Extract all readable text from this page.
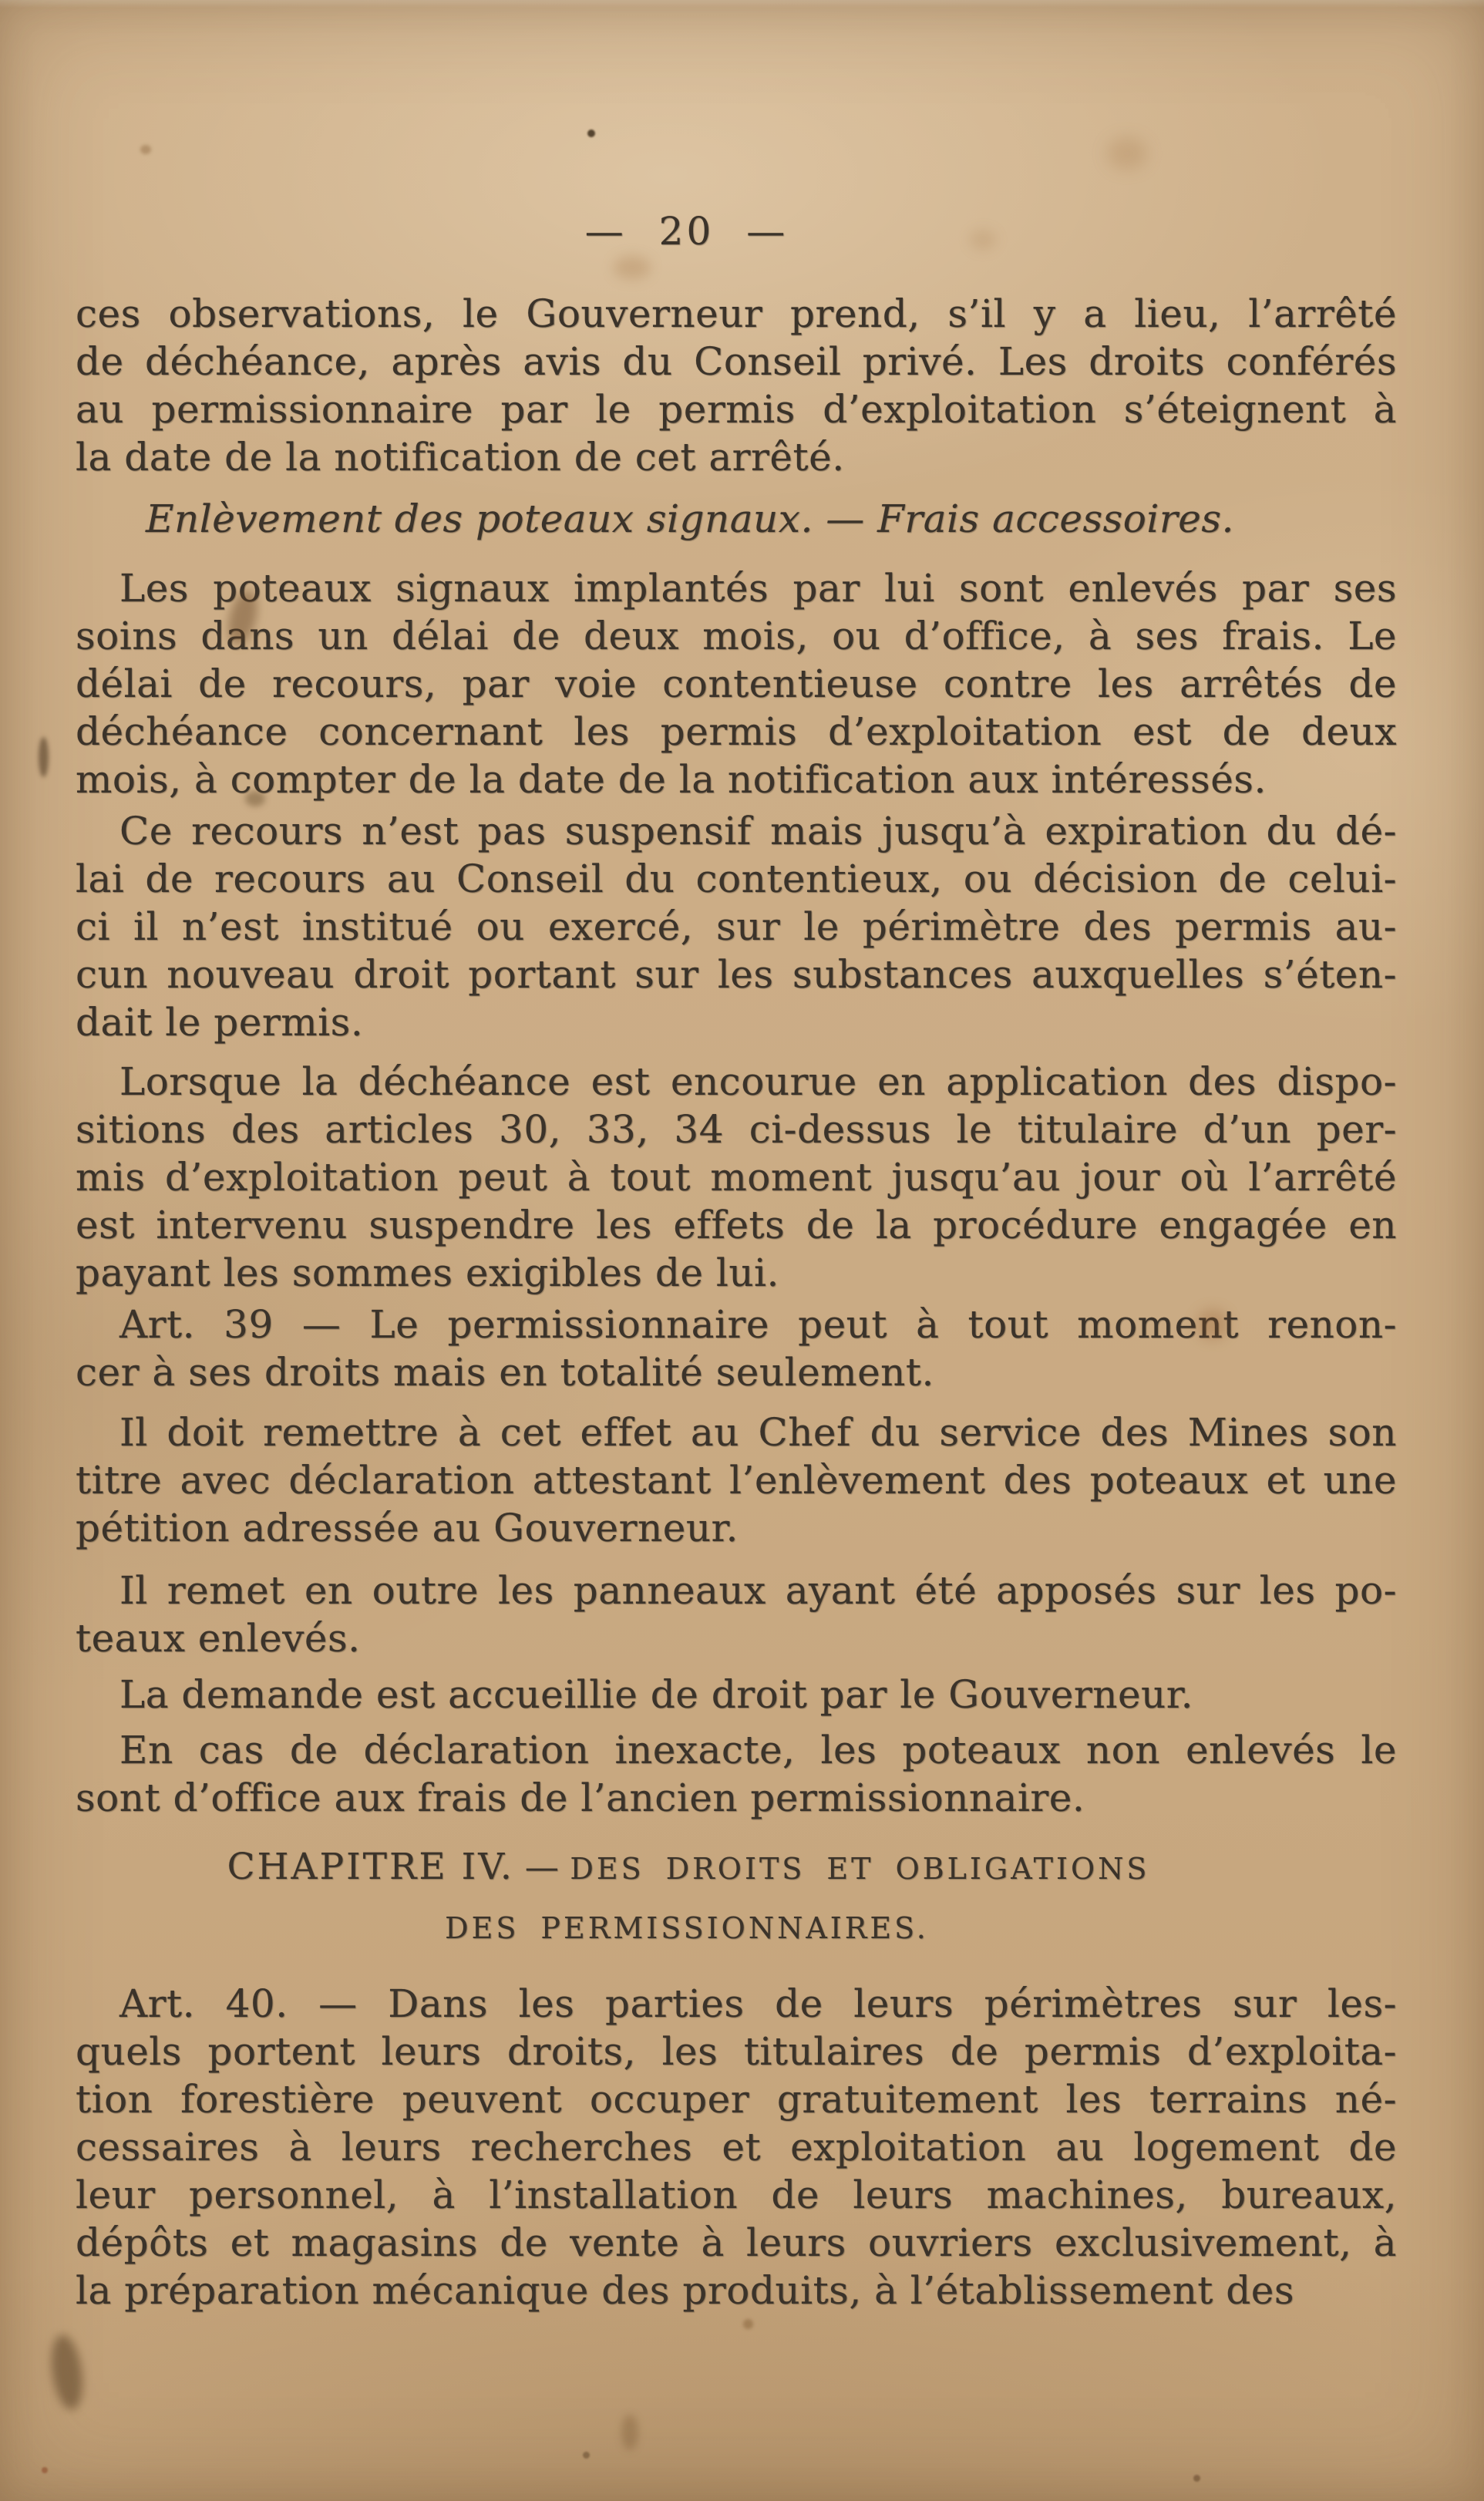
— 20 —
ces observations, le Gouverneur prend, s’il y a lieu, l’arrêté
de déchéance, après avis du Conseil privé. Les droits conférés
au permissionnaire par le permis d’exploitation s’éteignent à
la date de la notification de cet arrêté.
Enlèvement des poteaux signaux. — Frais accessoires.
Les poteaux signaux implantés par lui sont enlevés par ses
soins dans un délai de deux mois, ou d’office, à ses frais. Le
délai de recours, par voie contentieuse contre les arrêtés de
déchéance concernant les permis d’exploitation est de deux
mois, à compter de la date de la notification aux intéressés.
Ce recours n’est pas suspensif mais jusqu’à expiration du dé-
lai de recours au Conseil du contentieux, ou décision de celui-
ci il n’est institué ou exercé, sur le périmètre des permis au-
cun nouveau droit portant sur les substances auxquelles s’éten-
dait le permis.
Lorsque la déchéance est encourue en application des dispo-
sitions des articles 30, 33, 34 ci-dessus le titulaire d’un per-
mis d’exploitation peut à tout moment jusqu’au jour où l’arrêté
est intervenu suspendre les effets de la procédure engagée en
payant les sommes exigibles de lui.
Art. 39 — Le permissionnaire peut à tout moment renon-
cer à ses droits mais en totalité seulement.
Il doit remettre à cet effet au Chef du service des Mines son
titre avec déclaration attestant l’enlèvement des poteaux et une
pétition adressée au Gouverneur.
Il remet en outre les panneaux ayant été apposés sur les po-
teaux enlevés.
La demande est accueillie de droit par le Gouverneur.
En cas de déclaration inexacte, les poteaux non enlevés le
sont d’office aux frais de l’ancien permissionnaire.
CHAPITRE IV. — DES DROITS ET OBLIGATIONS
DES PERMISSIONNAIRES.
Art. 40. — Dans les parties de leurs périmètres sur les-
quels portent leurs droits, les titulaires de permis d’exploita-
tion forestière peuvent occuper gratuitement les terrains né-
cessaires à leurs recherches et exploitation au logement de
leur personnel, à l’installation de leurs machines, bureaux,
dépôts et magasins de vente à leurs ouvriers exclusivement, à
la préparation mécanique des produits, à l’établissement des
